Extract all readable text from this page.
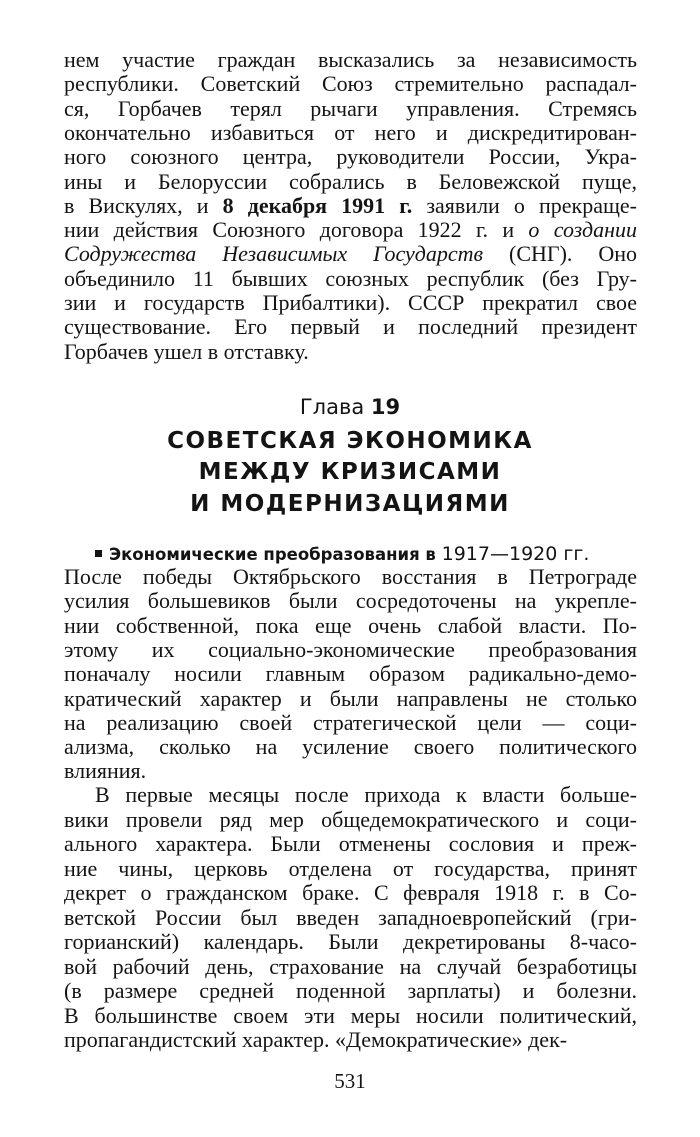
нем участие граждан высказались за независимость
республики. Советский Союз стремительно распадал-
ся, Горбачев терял рычаги управления. Стремясь
окончательно избавиться от него и дискредитирован-
ного союзного центра, руководители России, Укра-
ины и Белоруссии собрались в Беловежской пуще,
в Вискулях, и 8 декабря 1991 г. заявили о прекраще-
нии действия Союзного договора 1922 г. и о создании
Содружества Независимых Государств (СНГ). Оно
объединило 11 бывших союзных республик (без Гру-
зии и государств Прибалтики). СССР прекратил свое
существование. Его первый и последний президент
Горбачев ушел в отставку.
Глава 19
СОВЕТСКАЯ ЭКОНОМИКА
МЕЖДУ КРИЗИСАМИ
И МОДЕРНИЗАЦИЯМИ
Экономические преобразования в 1917—1920 гг.
После победы Октябрьского восстания в Петрограде
усилия большевиков были сосредоточены на укрепле-
нии собственной, пока еще очень слабой власти. По-
этому их социально-экономические преобразования
поначалу носили главным образом радикально-демо-
кратический характер и были направлены не столько
на реализацию своей стратегической цели — соци-
ализма, сколько на усиление своего политического
влияния.
В первые месяцы после прихода к власти больше-
вики провели ряд мер общедемократического и соци-
ального характера. Были отменены сословия и преж-
ние чины, церковь отделена от государства, принят
декрет о гражданском браке. С февраля 1918 г. в Со-
ветской России был введен западноевропейский (гри-
горианский) календарь. Были декретированы 8-часо-
вой рабочий день, страхование на случай безработицы
(в размере средней поденной зарплаты) и болезни.
В большинстве своем эти меры носили политический,
пропагандистский характер. «Демократические» дек-
531
